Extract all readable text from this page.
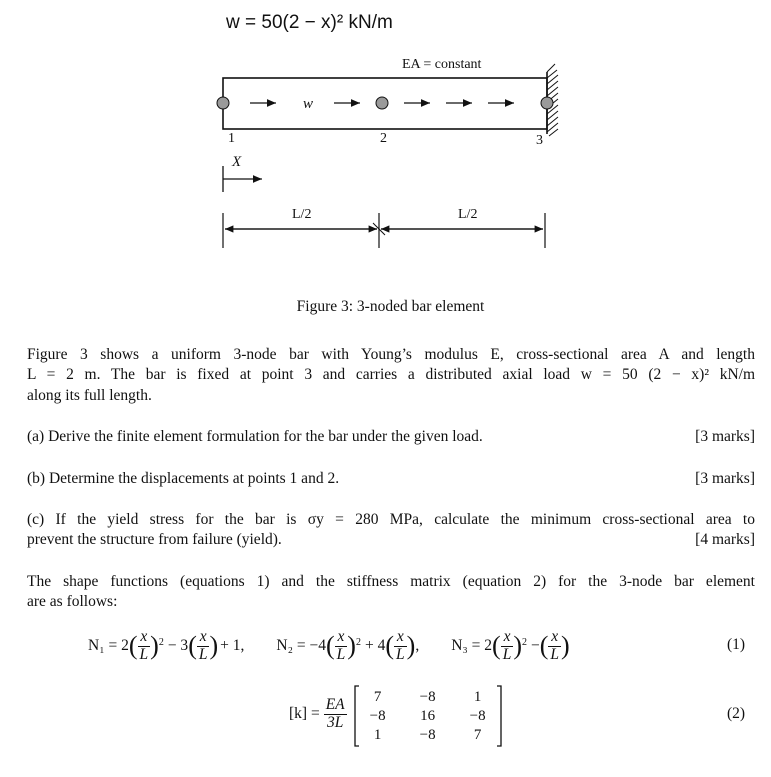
w = 50(2 − x)² kN/m
EA = constant
w
1	2	3
X
L/2	L/2
Figure 3: 3-noded bar element
Figure 3 shows a uniform 3-node bar with Young’s modulus E, cross-sectional area A and length
L = 2 m. The bar is fixed at point 3 and carries a distributed axial load w = 50 (2 − x)² kN/m
along its full length.
(a) Derive the finite element formulation for the bar under the given load.	[3 marks]
(b) Determine the displacements at points 1 and 2.	[3 marks]
(c) If the yield stress for the bar is σy = 280 MPa, calculate the minimum cross-sectional area to
prevent the structure from failure (yield).	[4 marks]
The shape functions (equations 1) and the stiffness matrix (equation 2) for the 3-node bar element
are as follows:
N₁ = 2 ( $\frac{x}{L}$ ) 2 − 3 ( $\frac{x}{L}$ ) + 1, N₂ = −4 ( $\frac{x}{L}$ ) 2 + 4 ( $\frac{x}{L}$ ) , N₃ = 2 ( $\frac{x}{L}$ ) 2 − ( $\frac{x}{L}$ )	(1)
$[k] = \frac{EA}{3L}$
7	−8	1
−8	16	−8
1	−8	7
(2)
